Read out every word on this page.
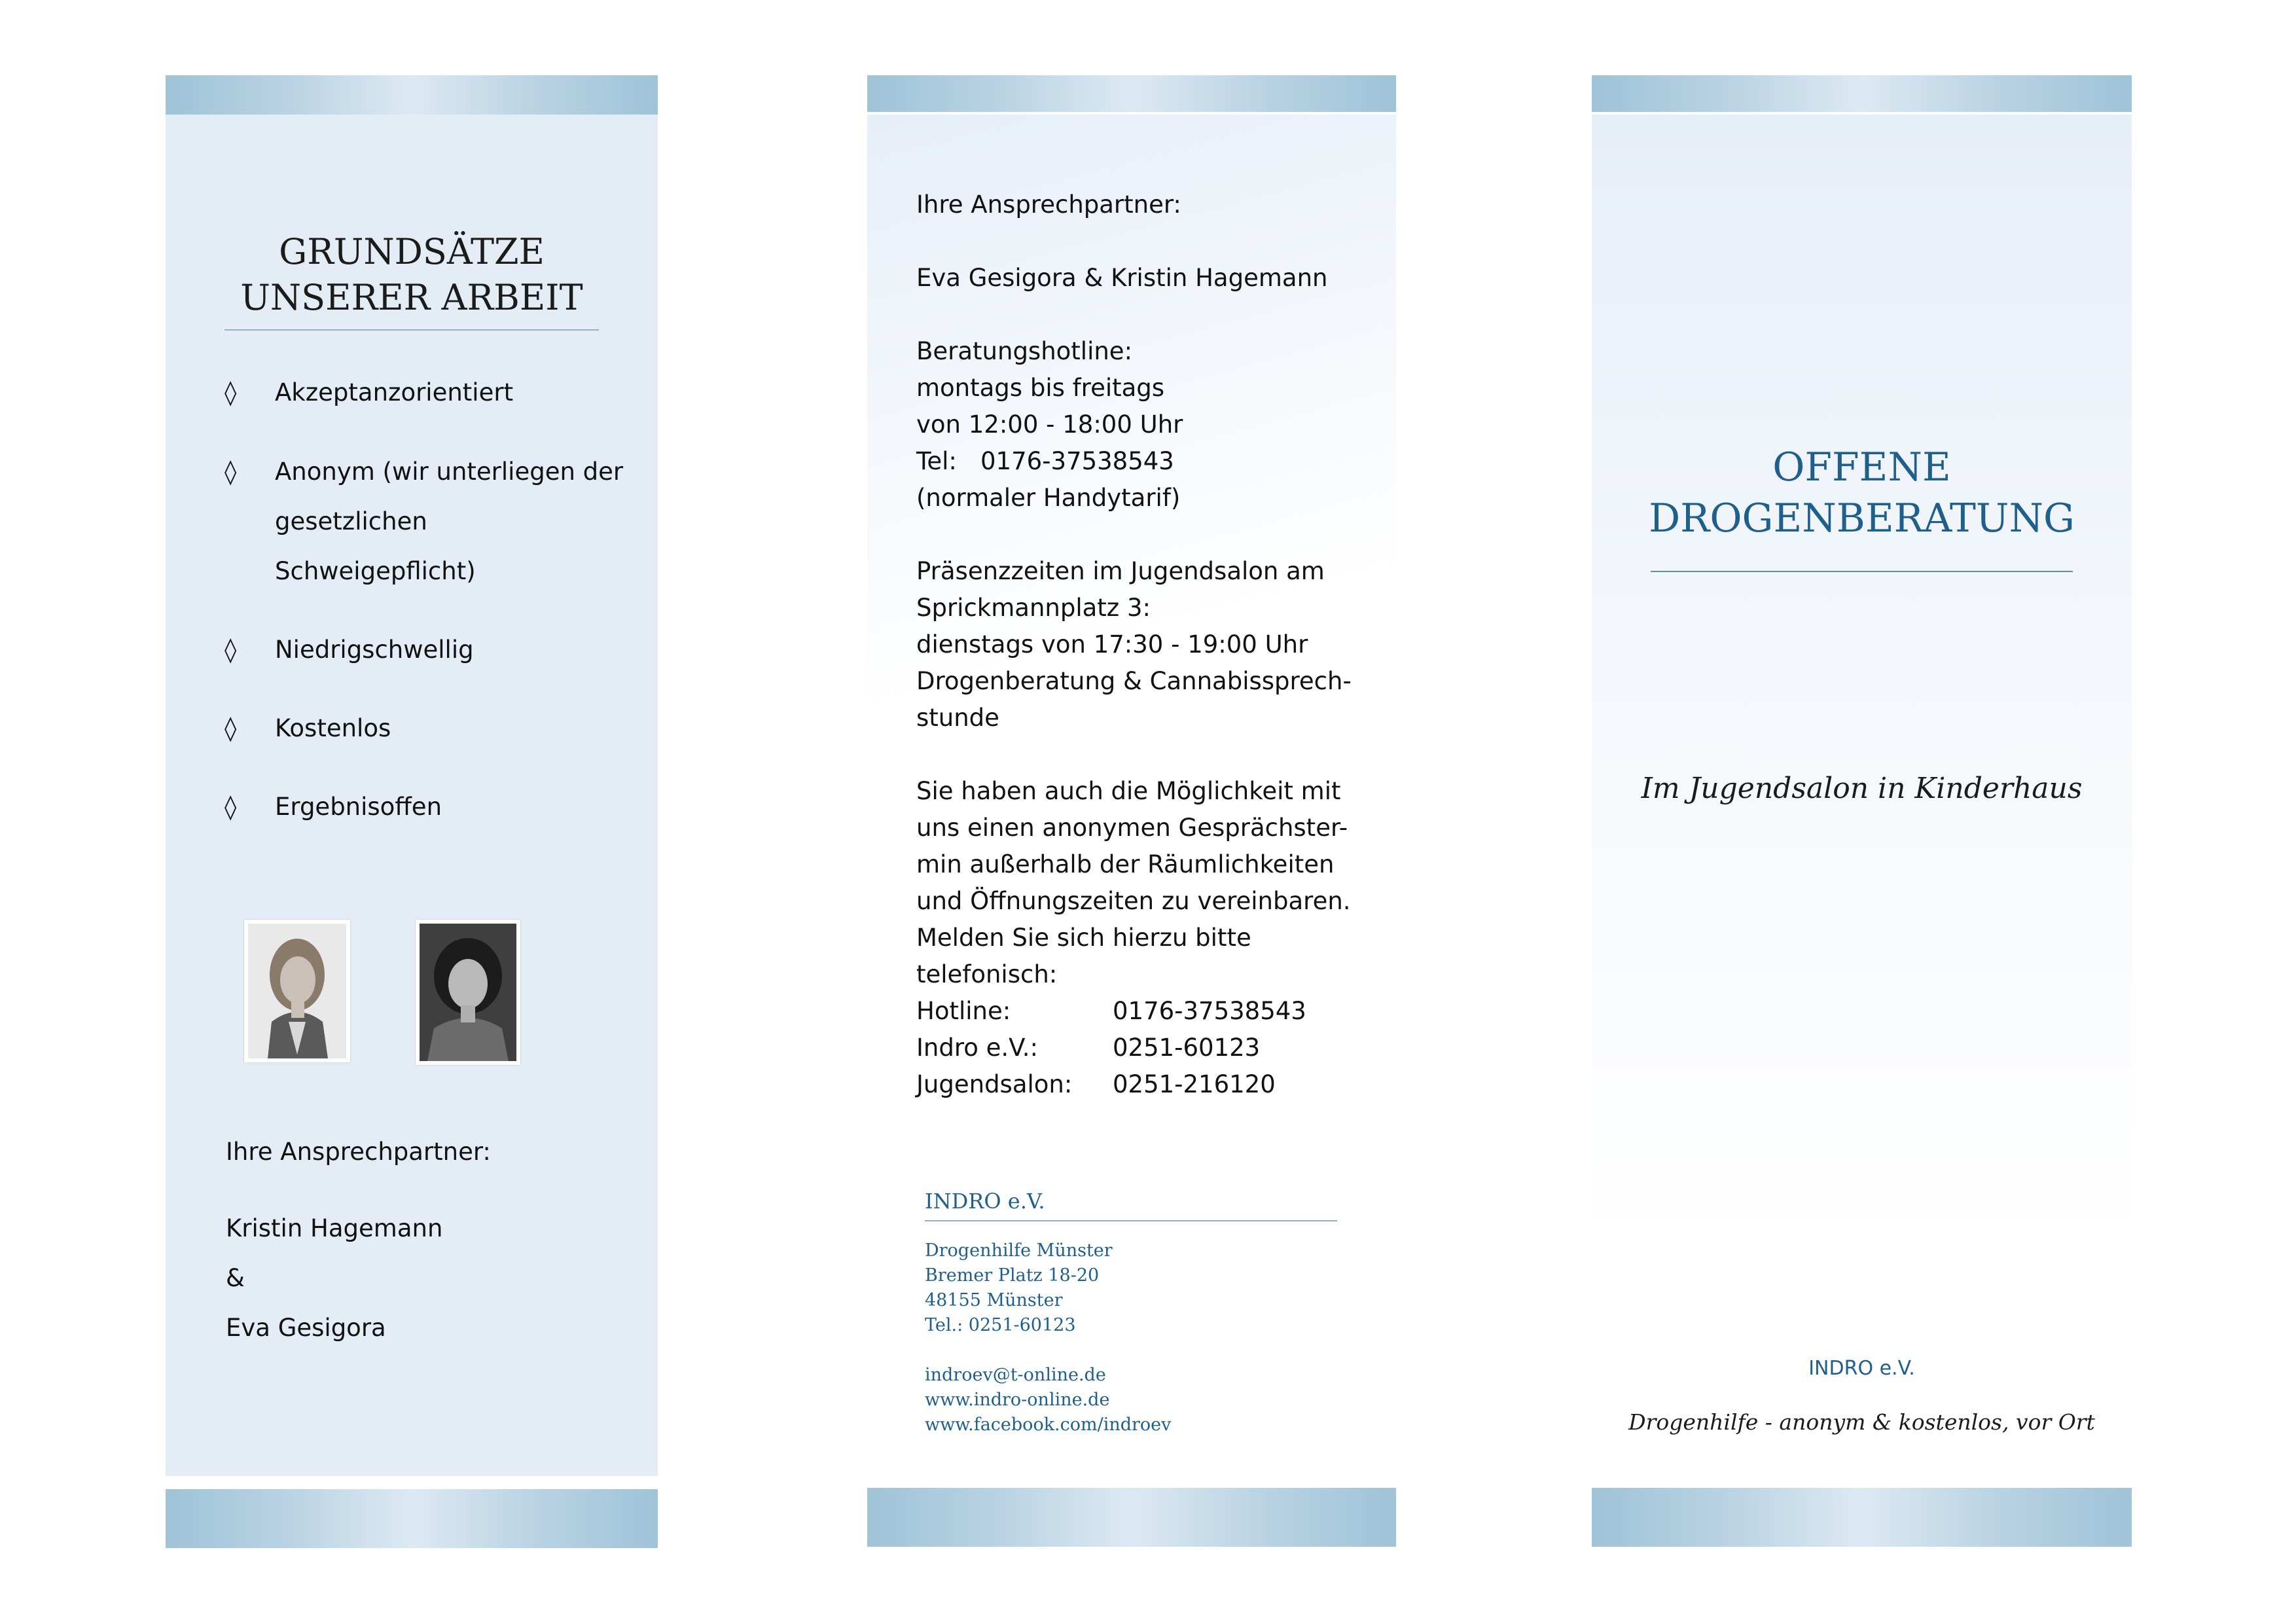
GRUNDSÄTZE
UNSERER ARBEIT
◊	Akzeptanzorientiert
◊	Anonym (wir unterliegen der
gesetzlichen
Schweigepflicht)
◊	Niedrigschwellig
◊	Kostenlos
◊	Ergebnisoffen
Ihre Ansprechpartner:
Kristin Hagemann
&
Eva Gesigora
Ihre Ansprechpartner:
Eva Gesigora & Kristin Hagemann
Beratungshotline:
montags bis freitags
von 12:00 - 18:00 Uhr
Tel: 0176-37538543
(normaler Handytarif)
Präsenzzeiten im Jugendsalon am
Sprickmannplatz 3:
dienstags von 17:30 - 19:00 Uhr
Drogenberatung & Cannabissprech-
stunde
Sie haben auch die Möglichkeit mit
uns einen anonymen Gesprächster-
min außerhalb der Räumlichkeiten
und Öffnungszeiten zu vereinbaren.
Melden Sie sich hierzu bitte
telefonisch:
Hotline:	0176-37538543
Indro e.V.:	0251-60123
Jugendsalon: 0251-216120
INDRO e.V.
Drogenhilfe Münster
Bremer Platz 18-20
48155 Münster
Tel.: 0251-60123
indroev@t-online.de
www.indro-online.de
www.facebook.com/indroev
OFFENE
DROGENBERATUNG
Im Jugendsalon in Kinderhaus
INDRO e.V.
Drogenhilfe - anonym & kostenlos, vor Ort
